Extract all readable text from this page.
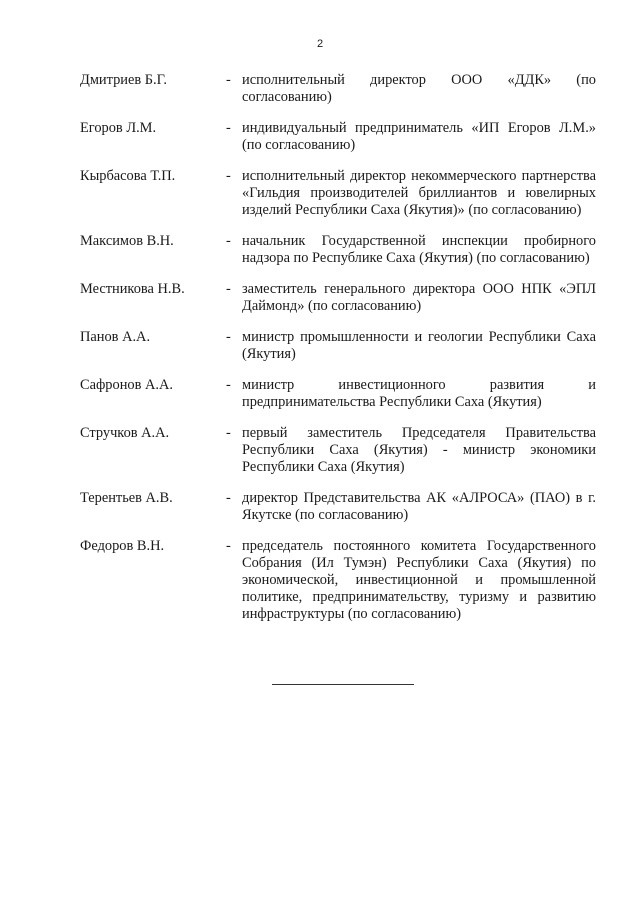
2
Дмитриев Б.Г.	- исполнительный директор ООО «ДДК» (по согласованию)
Егоров Л.М.	- индивидуальный предприниматель «ИП Егоров Л.М.» (по согласованию)
Кырбасова Т.П.	- исполнительный директор некоммерческого партнерства «Гильдия производителей бриллиантов и ювелирных изделий Республики Саха (Якутия)» (по согласованию)
Максимов В.Н.	- начальник Государственной инспекции пробирного надзора по Республике Саха (Якутия) (по согласованию)
Местникова Н.В.	- заместитель генерального директора ООО НПК «ЭПЛ Даймонд» (по согласованию)
Панов А.А.	- министр промышленности и геологии Республики Саха (Якутия)
Сафронов А.А.	- министр инвестиционного развития и предпринимательства Республики Саха (Якутия)
Стручков А.А.	- первый заместитель Председателя Правительства Республики Саха (Якутия) - министр экономики Республики Саха (Якутия)
Терентьев А.В.	- директор Представительства АК «АЛРОСА» (ПАО) в г. Якутске (по согласованию)
Федоров В.Н.	- председатель постоянного комитета Государственного Собрания (Ил Тумэн) Республики Саха (Якутия) по экономической, инвестиционной и промышленной политике, предпринимательству, туризму и развитию инфраструктуры (по согласованию)
